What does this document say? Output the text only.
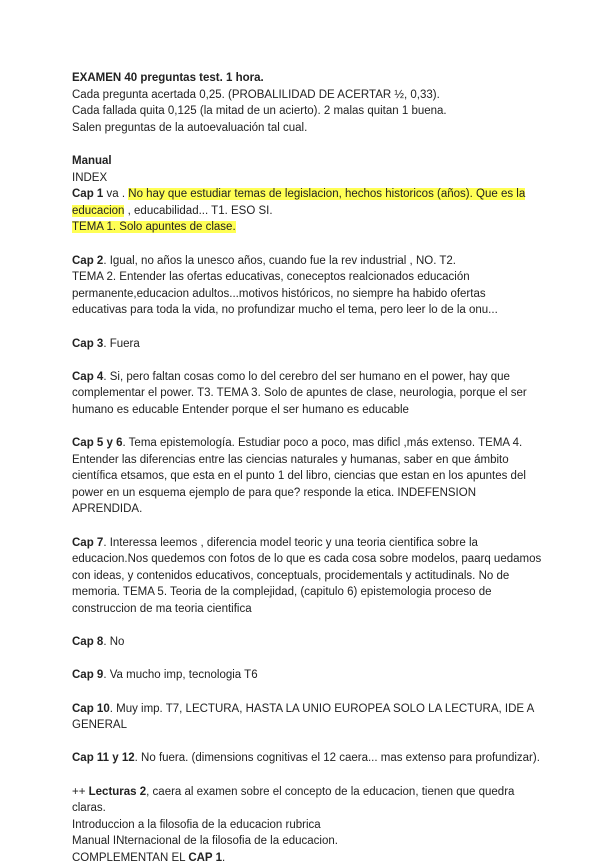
EXAMEN 40 preguntas test. 1 hora.

Cada pregunta acertada 0,25. (PROBALILIDAD DE ACERTAR ½, 0,33).

Cada fallada quita 0,125 (la mitad de un acierto). 2 malas quitan 1 buena.

Salen preguntas de la autoevaluación tal cual.

Manual

INDEX

Cap 1 va . No hay que estudiar temas de legislacion, hechos historicos (años). Que es la educacion , educabilidad... T1. ESO SI.

TEMA 1. Solo apuntes de clase.

Cap 2. Igual, no años la unesco años, cuando fue la rev industrial , NO. T2.

TEMA 2. Entender las ofertas educativas, coneceptos realcionados educación permanente,educacion adultos...motivos históricos, no siempre ha habido ofertas educativas para toda la vida, no profundizar mucho el tema, pero leer lo de la onu...

Cap 3. Fuera

Cap 4. Si, pero faltan cosas como lo del cerebro del ser humano en el power, hay que complementar el power. T3. TEMA 3. Solo de apuntes de clase, neurologia, porque el ser humano es educable Entender porque el ser humano es educable

Cap 5 y 6. Tema epistemología. Estudiar poco a poco, mas dificl ,más extenso. TEMA 4. Entender las diferencias entre las ciencias naturales y humanas, saber en que ámbito científica etsamos, que esta en el punto 1 del libro, ciencias que estan en los apuntes del power en un esquema ejemplo de para que? responde la etica. INDEFENSION APRENDIDA.

Cap 7. Interessa leemos , diferencia model teoric y una teoria cientifica sobre la educacion.Nos quedemos con fotos de lo que es cada cosa sobre modelos, paarq uedamos con ideas, y contenidos educativos, conceptuals, procidementals y actitudinals. No de memoria. TEMA 5. Teoria de la complejidad, (capitulo 6) epistemologia proceso de construccion de ma teoria cientifica

Cap 8. No

Cap 9. Va mucho imp, tecnologia T6

Cap 10. Muy imp. T7, LECTURA, HASTA LA UNIO EUROPEA SOLO LA LECTURA, IDE A GENERAL

Cap 11 y 12. No fuera. (dimensions cognitivas el 12 caera... mas extenso para profundizar).

++ Lecturas 2, caera al examen sobre el concepto de la educacion, tienen que quedra claras.

Introduccion a la filosofia de la educacion rubrica

Manual INternacional de la filosofia de la educacion.

COMPLEMENTAN EL CAP 1.
